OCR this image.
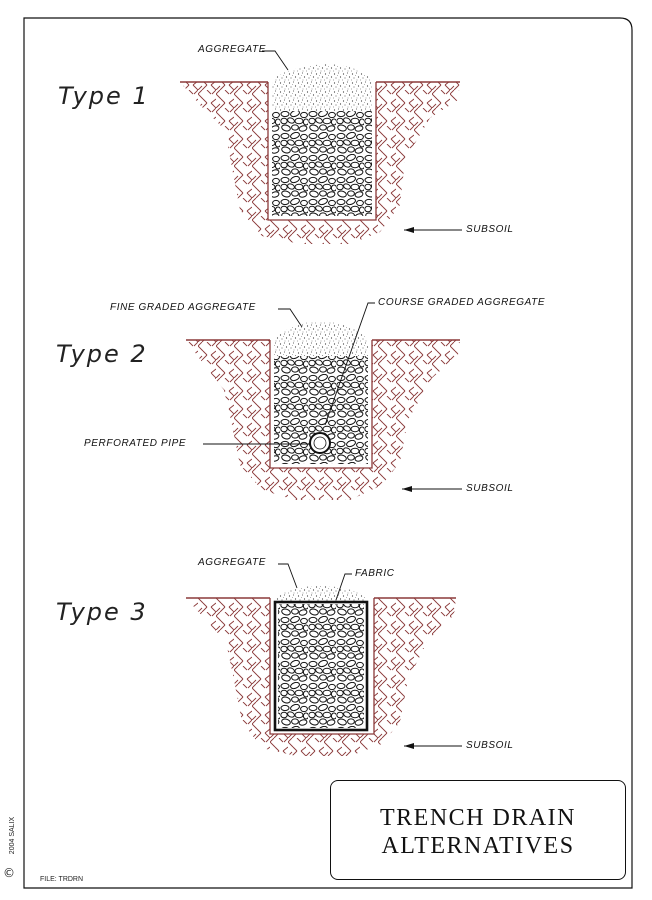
Type 1
Type 2
Type 3
AGGREGATE
SUBSOIL
FINE GRADED AGGREGATE	COURSE GRADED AGGREGATE
PERFORATED PIPE
SUBSOIL
AGGREGATE
FABRIC
SUBSOIL
TRENCH DRAIN
ALTERNATIVES
2004 SALIX
©	FILE: TRDRN
